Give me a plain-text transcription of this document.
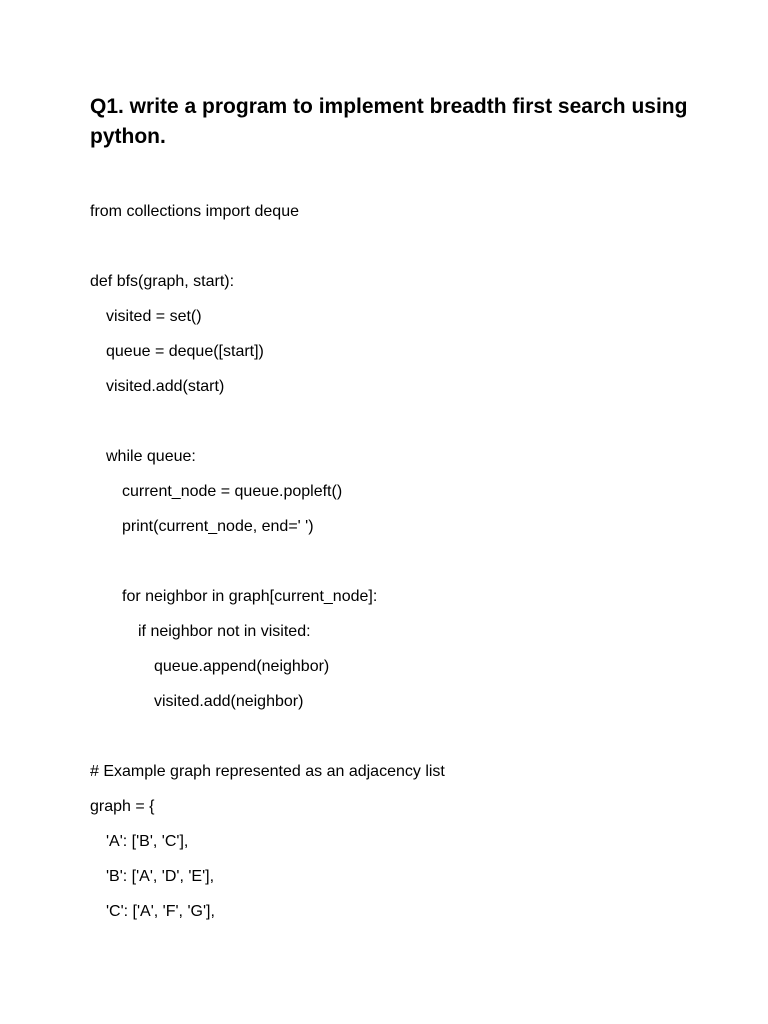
Q1. write a program to implement breadth first search using python.
from collections import deque
def bfs(graph, start):
visited = set()
queue = deque([start])
visited.add(start)
while queue:
current_node = queue.popleft()
print(current_node, end=' ')
for neighbor in graph[current_node]:
if neighbor not in visited:
queue.append(neighbor)
visited.add(neighbor)
# Example graph represented as an adjacency list
graph = {
'A': ['B', 'C'],
'B': ['A', 'D', 'E'],
'C': ['A', 'F', 'G'],
